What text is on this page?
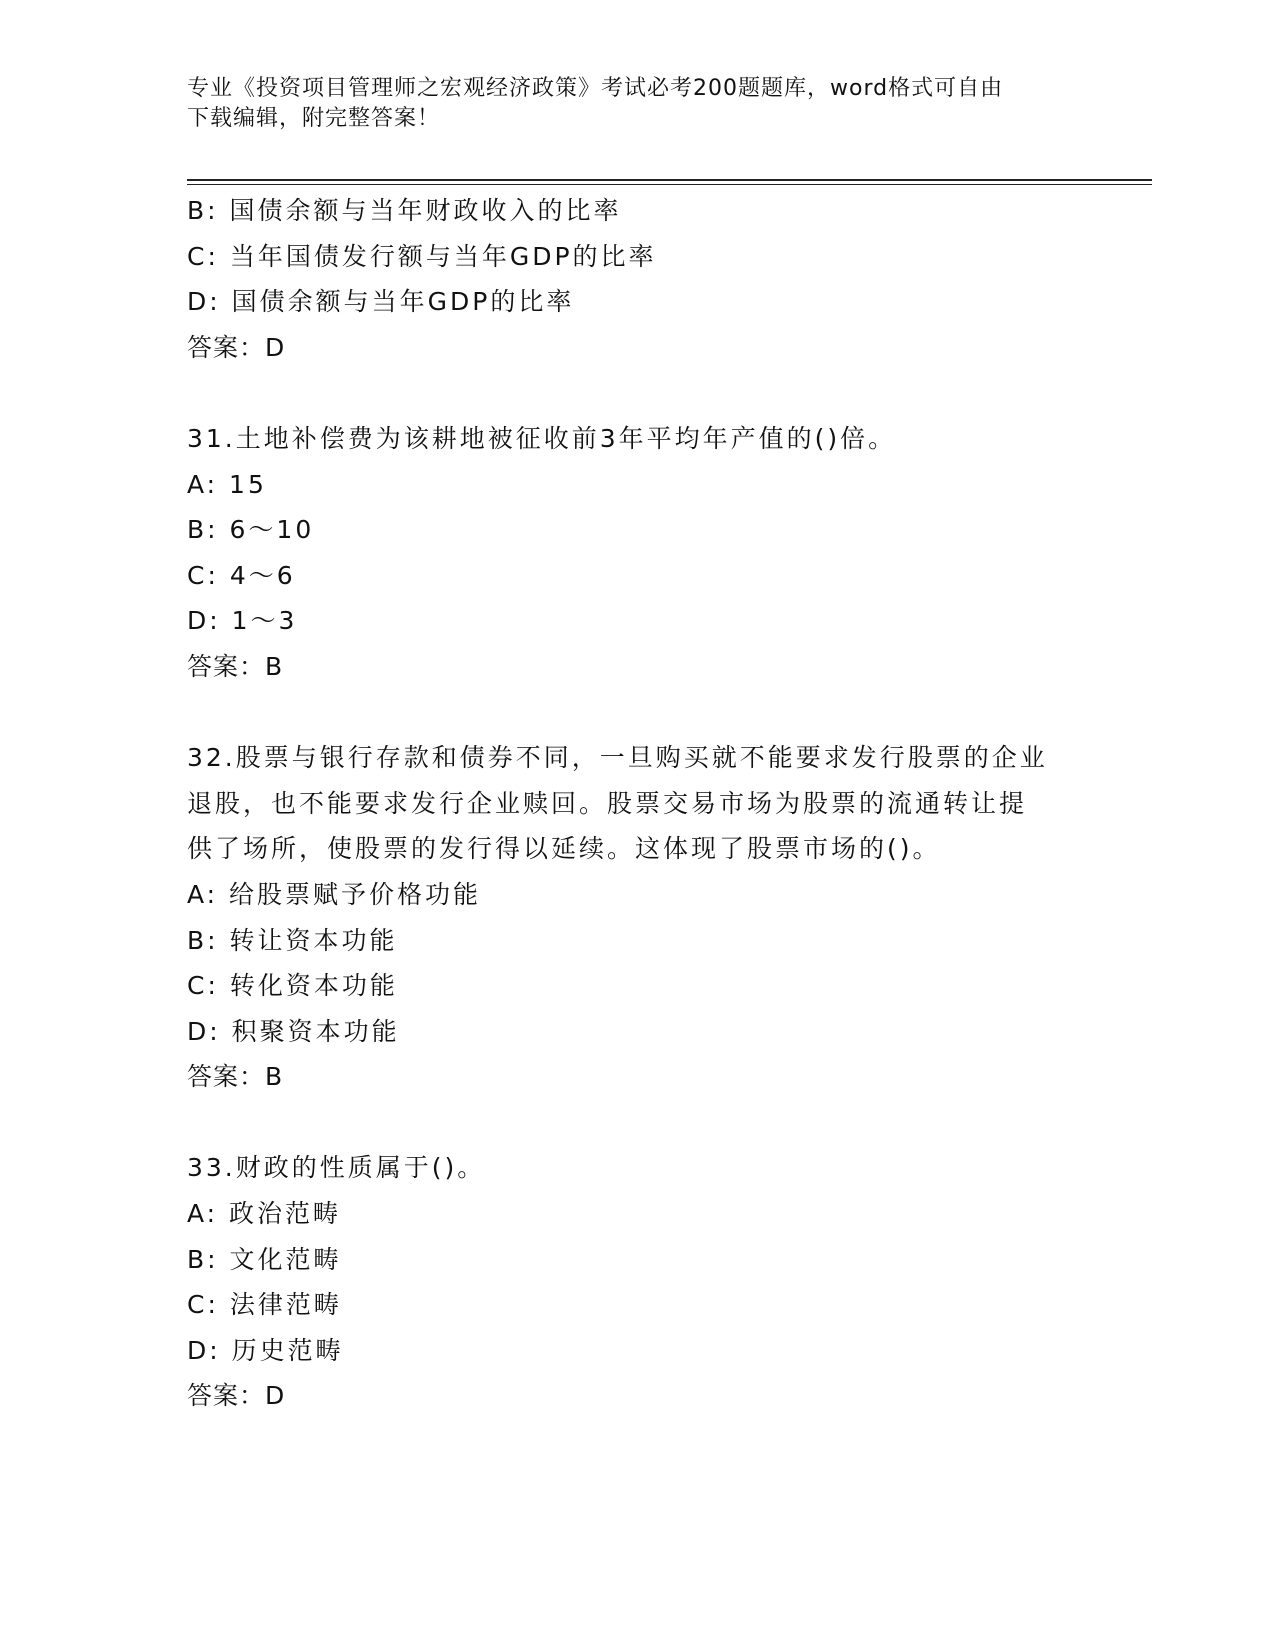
专业《投资项目管理师之宏观经济政策》考试必考200题题库，word格式可自由
下载编辑，附完整答案！
B: 国债余额与当年财政收入的比率
C: 当年国债发行额与当年GDP的比率
D: 国债余额与当年GDP的比率
答案：D
31.土地补偿费为该耕地被征收前3年平均年产值的()倍。
A: 15
B: 6～10
C: 4～6
D: 1～3
答案：B
32.股票与银行存款和债券不同，一旦购买就不能要求发行股票的企业
退股，也不能要求发行企业赎回。股票交易市场为股票的流通转让提
供了场所，使股票的发行得以延续。这体现了股票市场的()。
A: 给股票赋予价格功能
B: 转让资本功能
C: 转化资本功能
D: 积聚资本功能
答案：B
33.财政的性质属于()。
A: 政治范畴
B: 文化范畴
C: 法律范畴
D: 历史范畴
答案：D
